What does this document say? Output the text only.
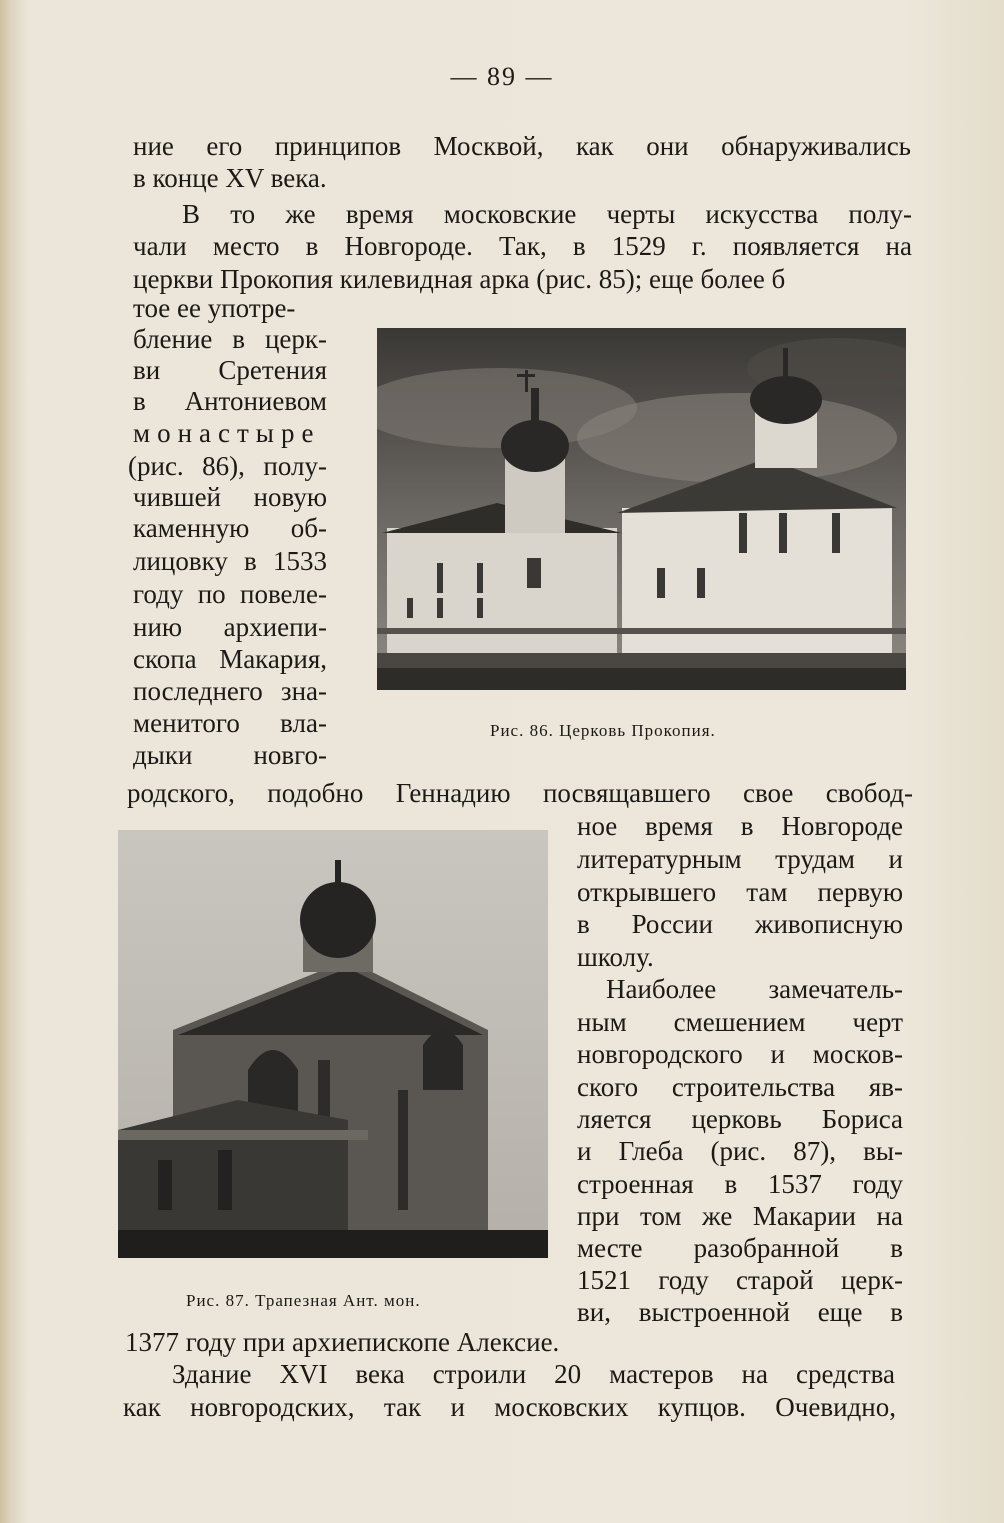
— 89 —
ние его принципов Москвой, как они обнаруживались
в конце XV века.
В то же время московские черты искусства полу-
чали место в Новгороде. Так, в 1529 г. появляется на
церкви Прокопия килевидная арка (рис. 85); еще более б
тое ее употре-
бление в церк-
ви Сретения
в Антониевом
монастыре
(рис. 86), полу-
чившей новую
каменную об-
лицовку в 1533
году по повеле-
нию архиепи-
скопа Макария,
последнего зна-
менитого вла-
дыки новго-
Рис. 86. Церковь Прокопия.
родского, подобно Геннадию посвящавшего свое свобод-
Рис. 87. Трапезная Ант. мон.
ное время в Новгороде
литературным трудам и
открывшего там первую
в России живописную
школу.
Наиболее замечатель-
ным смешением черт
новгородского и москов-
ского строительства яв-
ляется церковь Бориса
и Глеба (рис. 87), вы-
строенная в 1537 году
при том же Макарии на
месте разобранной в
1521 году старой церк-
ви, выстроенной еще в
1377 году при архиепископе Алексие.
Здание XVI века строили 20 мастеров на средства
как новгородских, так и московских купцов. Очевидно,
